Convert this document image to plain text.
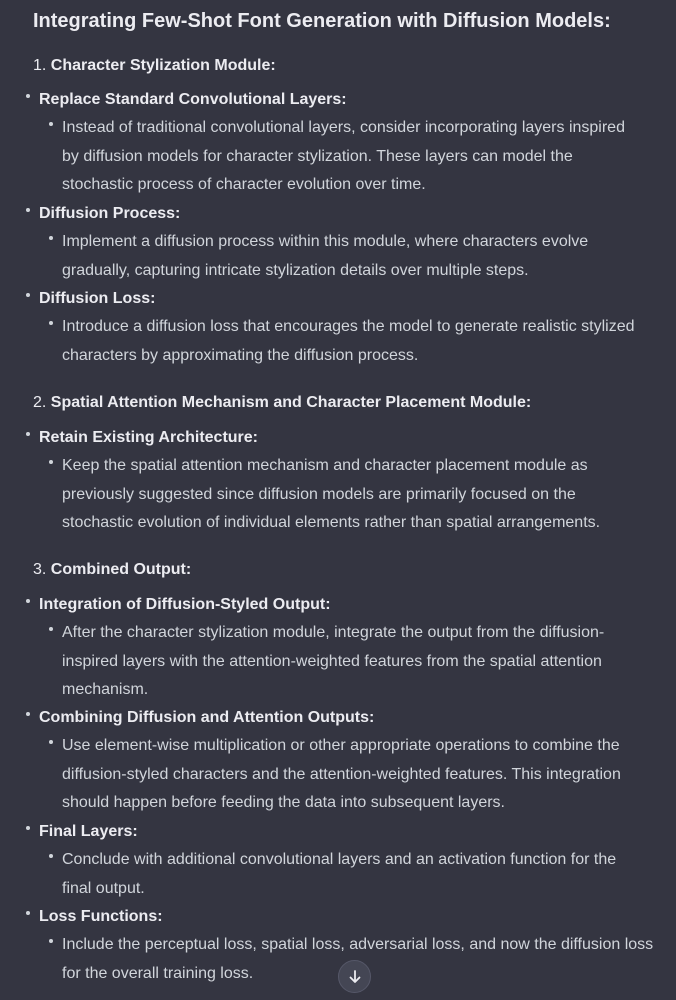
Integrating Few-Shot Font Generation with Diffusion Models:
1. Character Stylization Module:
Replace Standard Convolutional Layers:
Instead of traditional convolutional layers, consider incorporating layers inspired
by diffusion models for character stylization. These layers can model the
stochastic process of character evolution over time.
Diffusion Process:
Implement a diffusion process within this module, where characters evolve
gradually, capturing intricate stylization details over multiple steps.
Diffusion Loss:
Introduce a diffusion loss that encourages the model to generate realistic stylized
characters by approximating the diffusion process.
2. Spatial Attention Mechanism and Character Placement Module:
Retain Existing Architecture:
Keep the spatial attention mechanism and character placement module as
previously suggested since diffusion models are primarily focused on the
stochastic evolution of individual elements rather than spatial arrangements.
3. Combined Output:
Integration of Diffusion-Styled Output:
After the character stylization module, integrate the output from the diffusion-
inspired layers with the attention-weighted features from the spatial attention
mechanism.
Combining Diffusion and Attention Outputs:
Use element-wise multiplication or other appropriate operations to combine the
diffusion-styled characters and the attention-weighted features. This integration
should happen before feeding the data into subsequent layers.
Final Layers:
Conclude with additional convolutional layers and an activation function for the
final output.
Loss Functions:
Include the perceptual loss, spatial loss, adversarial loss, and now the diffusion loss
for the overall training loss.
